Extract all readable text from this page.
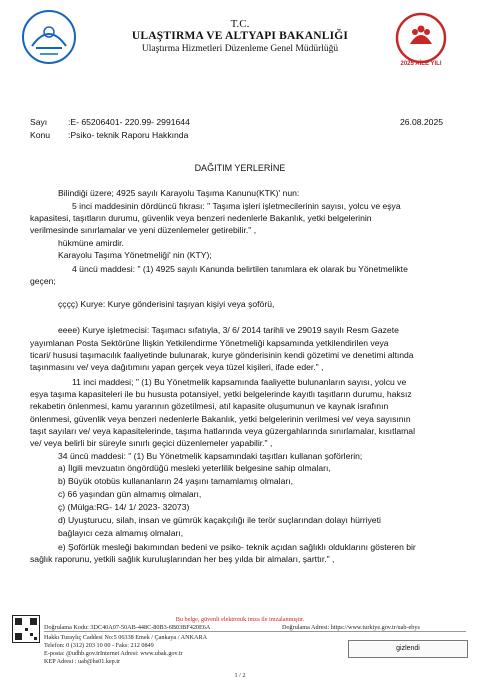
2025 AİLE YILI
T.C.
ULAŞTIRMA VE ALTYAPI BAKANLIĞI
Ulaştırma Hizmetleri Düzenleme Genel Müdürlüğü
Sayı :E- 65206401- 220.99- 2991644	26.08.2025
Konu :Psiko- teknik Raporu Hakkında
DAĞITIM YERLERİNE

Bilindiği üzere; 4925 sayılı Karayolu Taşıma Kanunu(KTK)' nun:

5 inci maddesinin dördüncü fıkrası: " Taşıma işleri işletmecilerinin sayısı, yolcu ve eşya

kapasitesi, taşıtların durumu, güvenlik veya benzeri nedenlerle Bakanlık, yetki belgelerinin

verilmesinde sınırlamalar ve yeni düzenlemeler getirebilir." ,

hükmüne amirdir.

Karayolu Taşıma Yönetmeliği' nin (KTY);

4 üncü maddesi: " (1) 4925 sayılı Kanunda belirtilen tanımlara ek olarak bu Yönetmelikte

geçen;

çççç) Kurye: Kurye gönderisini taşıyan kişiyi veya şoförü,

eeee) Kurye işletmecisi: Taşımacı sıfatıyla, 3/ 6/ 2014 tarihli ve 29019 sayılı Resm Gazete

yayımlanan Posta Sektörüne İlişkin Yetkilendirme Yönetmeliği kapsamında yetkilendirilen veya

ticari/ hususi taşımacılık faaliyetinde bulunarak, kurye gönderisinin kendi gözetimi ve denetimi altında

taşınmasını ve/ veya dağıtımını yapan gerçek veya tüzel kişileri, ifade eder." ,

11 inci maddesi; " (1) Bu Yönetmelik kapsamında faaliyette bulunanların sayısı, yolcu ve

eşya taşıma kapasiteleri ile bu hususta potansiyel, yetki belgelerinde kayıtlı taşıtların durumu, haksız

rekabetin önlenmesi, kamu yararının gözetilmesi, atıl kapasite oluşumunun ve kaynak israfının

önlenmesi, güvenlik veya benzeri nedenlerle Bakanlık, yetki belgelerinin verilmesi ve/ veya sayısının

taşıt sayıları ve/ veya kapasitelerinde, taşıma hatlarında veya güzergahlarında sınırlamalar, kısıtlamal

ve/ veya belirli bir süreyle sınırlı geçici düzenlemeler yapabilir." ,

34 üncü maddesi: " (1) Bu Yönetmelik kapsamındaki taşıtları kullanan şoförlerin;

a) İlgili mevzuatın öngördüğü mesleki yeterlilik belgesine sahip olmaları,

b) Büyük otobüs kullananların 24 yaşını tamamlamış olmaları,

c) 66 yaşından gün almamış olmaları,

ç) (Mülga:RG- 14/ 1/ 2023- 32073)

d) Uyuşturucu, silah, insan ve gümrük kaçakçılığı ile terör suçlarından dolayı hürriyeti

bağlayıcı ceza almamış olmaları,

e) Şoförlük mesleği bakımından bedeni ve psiko- teknik açıdan sağlıklı olduklarını gösteren bir

sağlık raporunu, yetkili sağlık kuruluşlarından her beş yılda bir almaları, şarttır." ,

Bu belge, güvenli elektronik imza ile imzalanmıştır.
Doğrulama Kodu: 3DC40A07-50AB-448C-80B3-6B03BF420E6A	Doğrulama Adresi: https://www.turkiye.gov.tr/uab-ebys
Hakkı Turaylıç Caddesi No:5 06338 Emek / Çankaya / ANKARA
Telefon: 0 (312) 203 10 00 - Faks: 212 0849
E-posta: @udhb.gov.trInternet Adresi: www.ubak.gov.tr
KEP Adresi : uab@hs01.kep.tr
gizlendi
1 / 2
